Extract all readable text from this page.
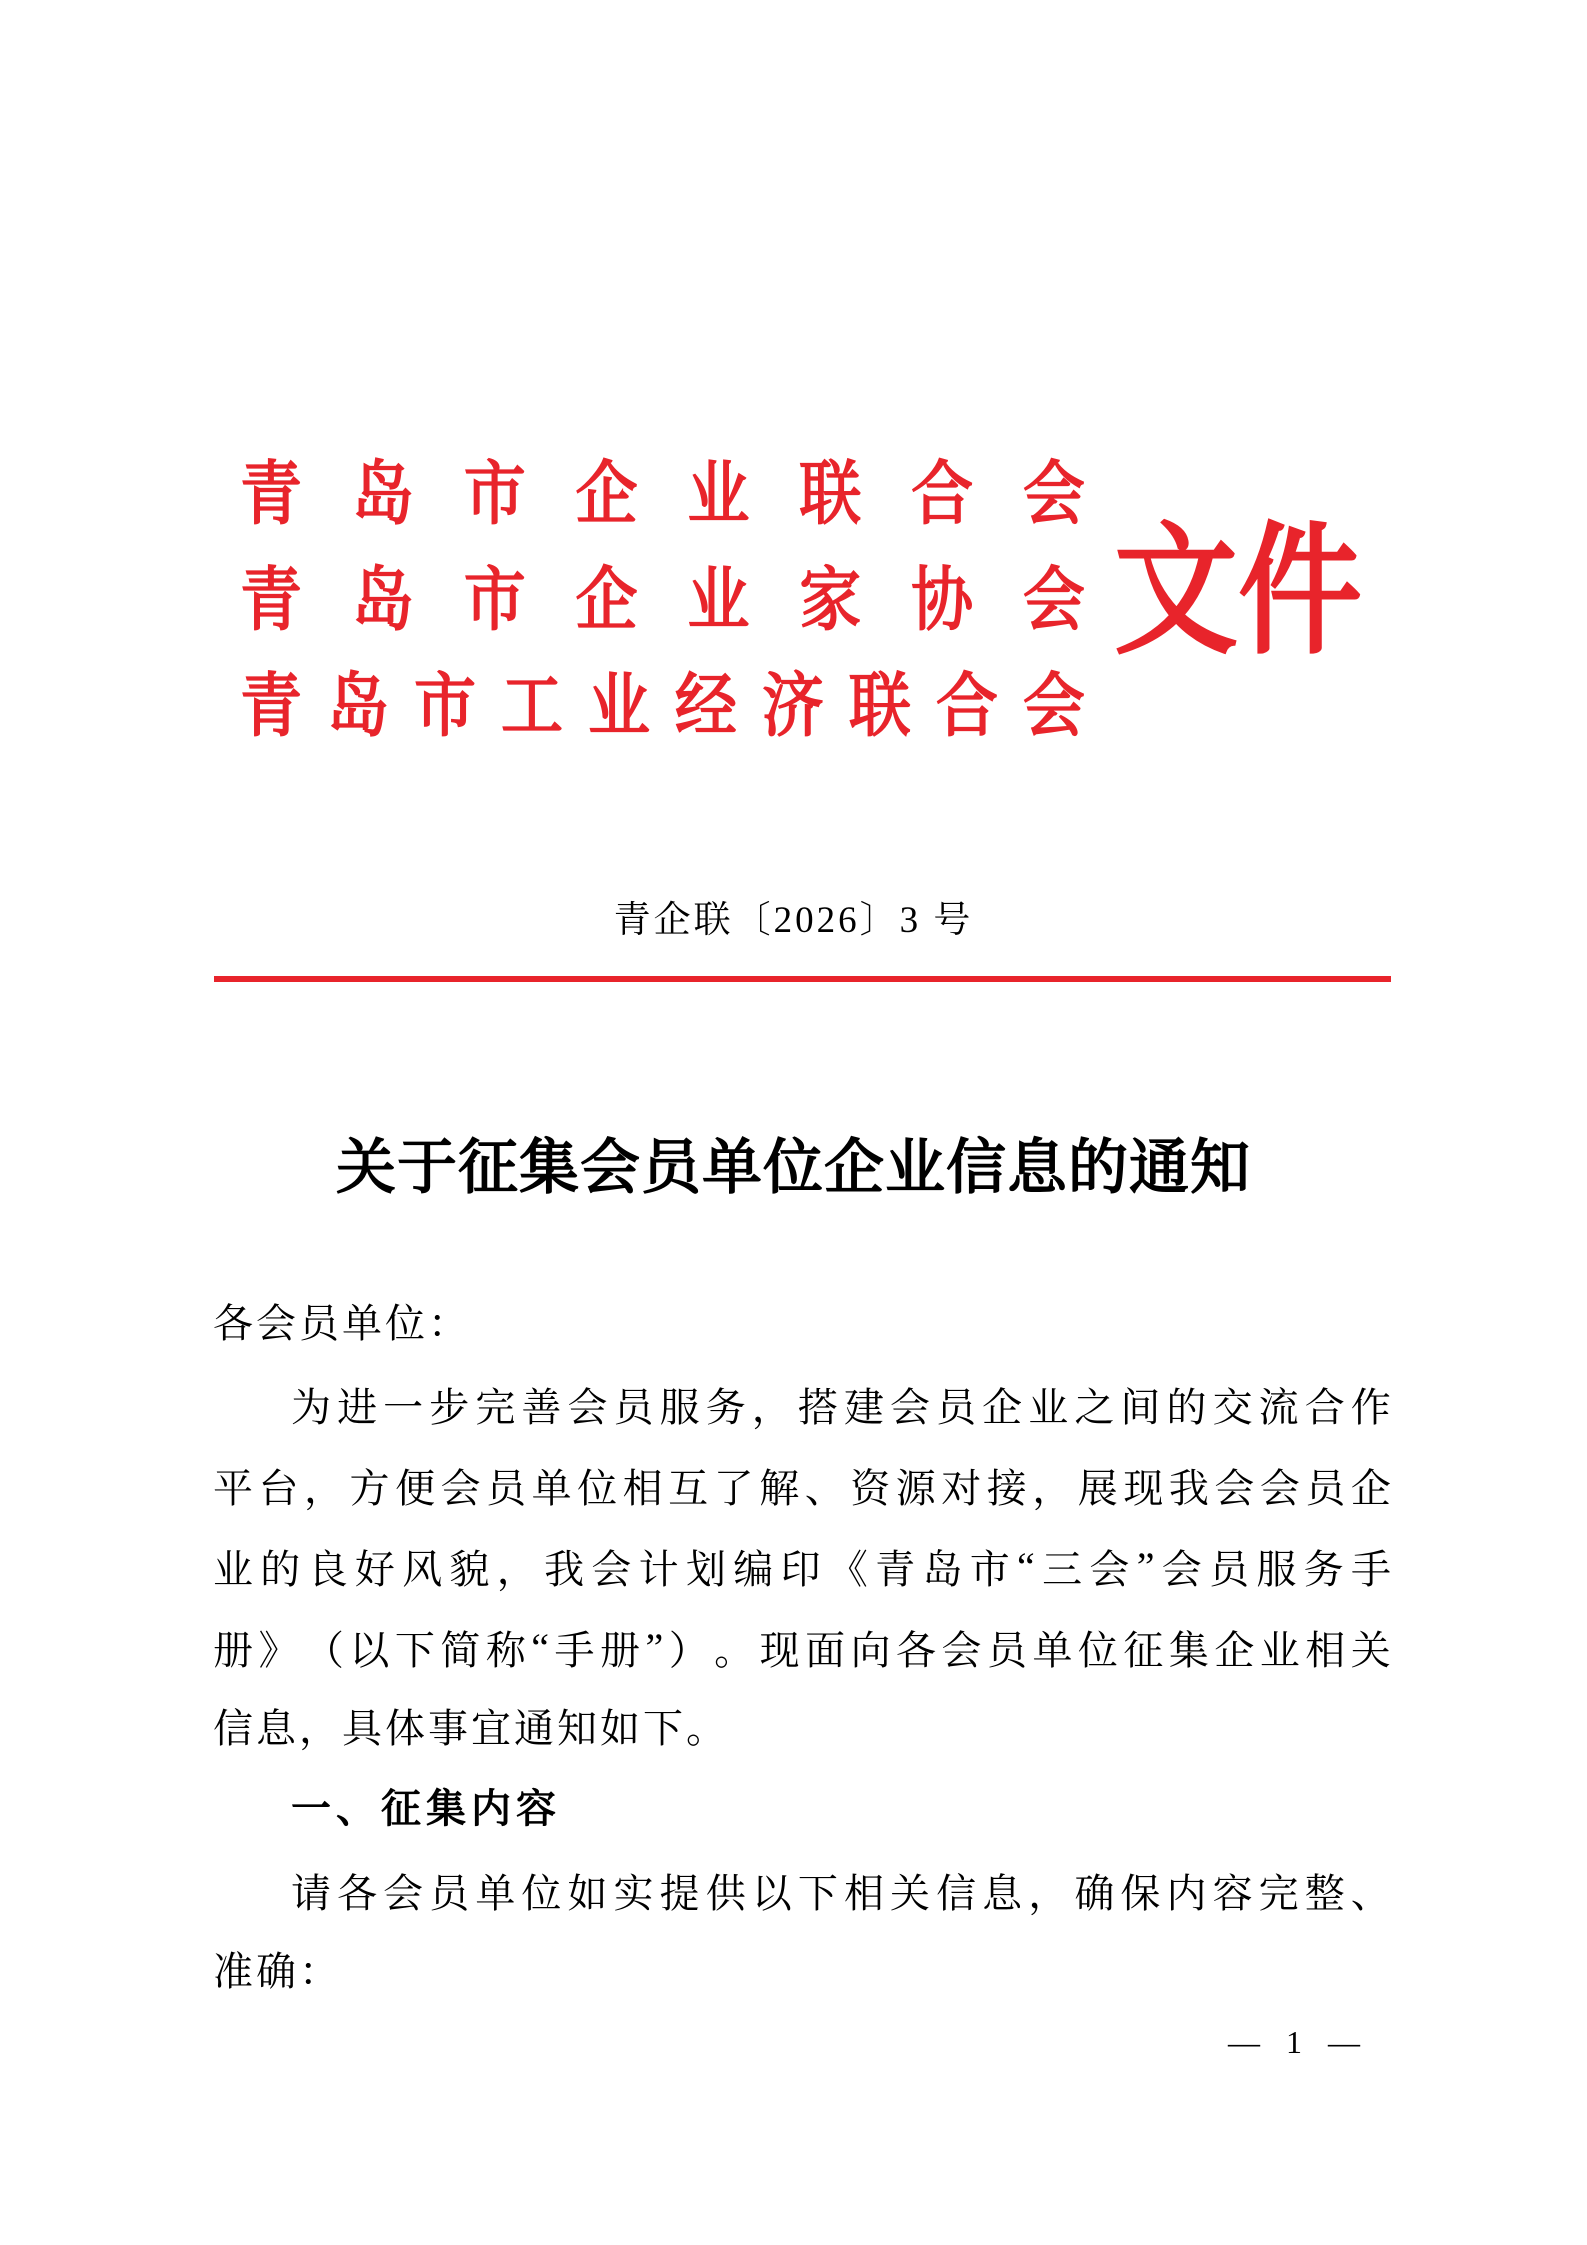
青 岛 市 企 业 联 合 会
青 岛 市 企 业 家 协 会
青 岛 市 工 业 经 济 联 合 会
文件
青企联〔2026〕3 号
关于征集会员单位企业信息的通知
各会员单位：
为 进 一 步 完 善 会 员 服 务 ， 搭 建 会 员 企 业 之 间 的 交 流 合 作
平 台 ， 方 便 会 员 单 位 相 互 了 解 、 资 源 对 接 ， 展 现 我 会 会 员 企
业 的 良 好 风 貌 ， 我 会 计 划 编 印 《 青 岛 市 “ 三 会 ” 会 员 服 务 手
册 》 （ 以 下 简 称 “ 手 册 ” ） 。 现 面 向 各 会 员 单 位 征 集 企 业 相 关
信息，具体事宜通知如下。
一、征集内容
请 各 会 员 单 位 如 实 提 供 以 下 相 关 信 息 ， 确 保 内 容 完 整 、
准确：
— 1 —
